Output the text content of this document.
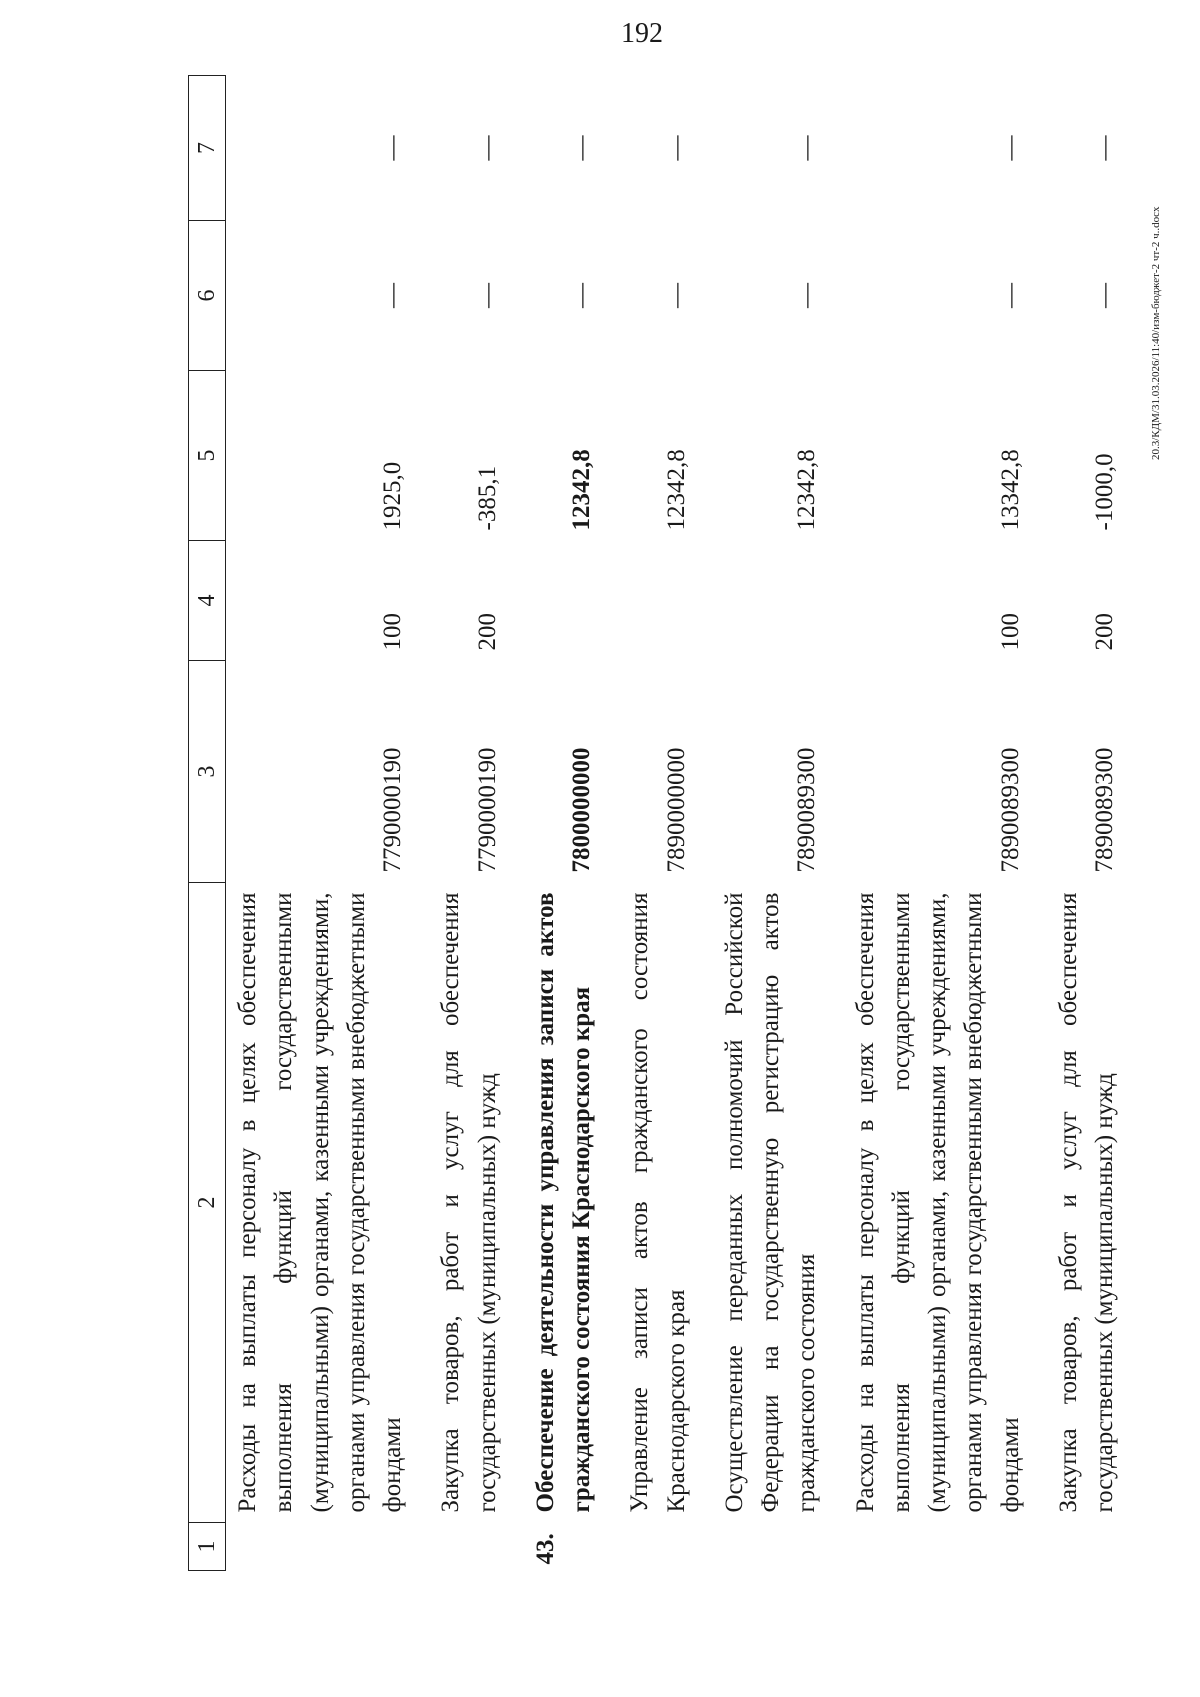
192
20.3/КДМ/31.03.2026/11:40/изм-бюджет-2 чт-2 ч..docx
1	2	3	4	5	6	7
	Расходы на выплаты персоналу в целях обеспечения выполнения функций государственными (муниципальными) органами, казенными учреждениями, органами управления государственными внебюджетными фондами	7790000190	100	1925,0	—	—
	Закупка товаров, работ и услуг для обеспечения государственных (муниципальных) нужд	7790000190	200	-385,1	—	—
43.	Обеспечение деятельности управления записи актов гражданского состояния Краснодарского края	7800000000		12342,8	—	—
	Управление записи актов гражданского состояния Краснодарского края	7890000000		12342,8	—	—
	Осуществление переданных полномочий Российской Федерации на государственную регистрацию актов гражданского состояния	7890089300		12342,8	—	—
	Расходы на выплаты персоналу в целях обеспечения выполнения функций государственными (муниципальными) органами, казенными учреждениями, органами управления государственными внебюджетными фондами	7890089300	100	13342,8	—	—
	Закупка товаров, работ и услуг для обеспечения государственных (муниципальных) нужд	7890089300	200	-1000,0	—	—
